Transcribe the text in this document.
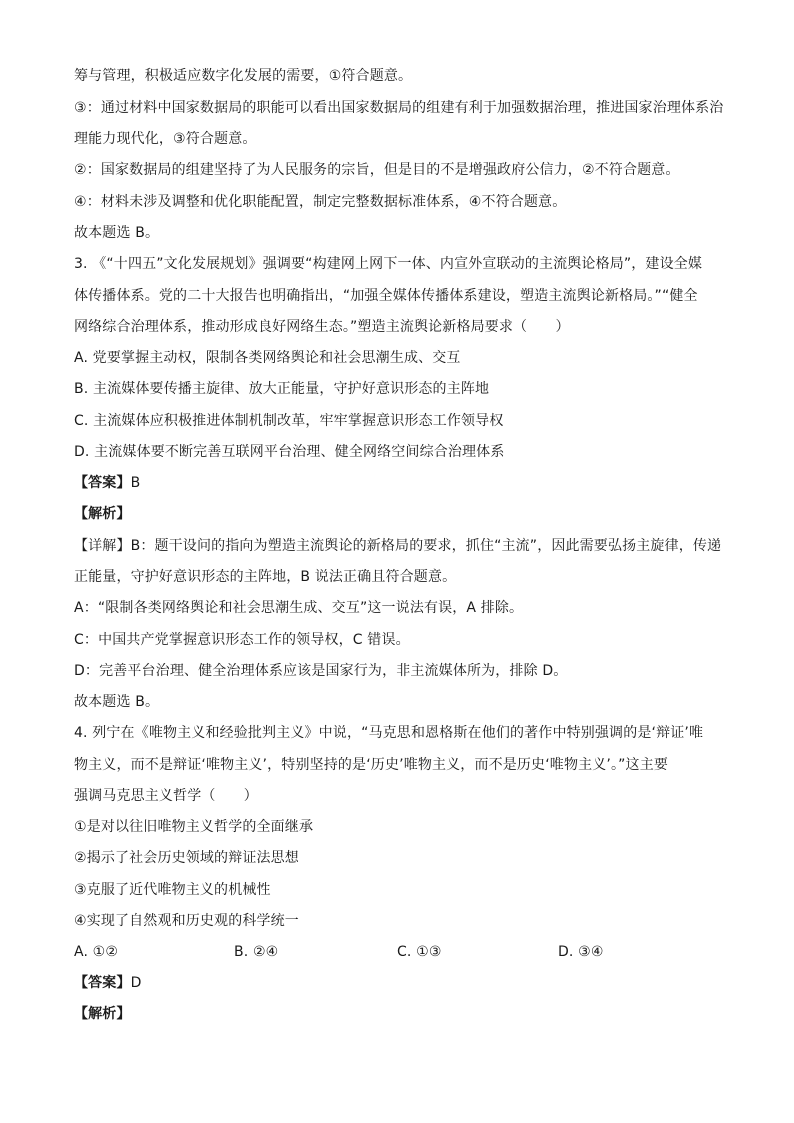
筹与管理，积极适应数字化发展的需要，①符合题意。
③：通过材料中国家数据局的职能可以看出国家数据局的组建有利于加强数据治理，推进国家治理体系治
理能力现代化，③符合题意。
②：国家数据局的组建坚持了为人民服务的宗旨，但是目的不是增强政府公信力，②不符合题意。
④：材料未涉及调整和优化职能配置，制定完整数据标准体系，④不符合题意。
故本题选 B。
3. 《“十四五”文化发展规划》强调要“构建网上网下一体、内宣外宣联动的主流舆论格局”，建设全媒
体传播体系。党的二十大报告也明确指出，“加强全媒体传播体系建设，塑造主流舆论新格局。”“健全
网络综合治理体系，推动形成良好网络生态。”塑造主流舆论新格局要求（　　）
A. 党要掌握主动权，限制各类网络舆论和社会思潮生成、交互
B. 主流媒体要传播主旋律、放大正能量，守护好意识形态的主阵地
C. 主流媒体应积极推进体制机制改革，牢牢掌握意识形态工作领导权
D. 主流媒体要不断完善互联网平台治理、健全网络空间综合治理体系
【答案】B
【解析】
【详解】B：题干设问的指向为塑造主流舆论的新格局的要求，抓住“主流”，因此需要弘扬主旋律，传递
正能量，守护好意识形态的主阵地，B 说法正确且符合题意。
A：“限制各类网络舆论和社会思潮生成、交互”这一说法有误，A 排除。
C：中国共产党掌握意识形态工作的领导权，C 错误。
D：完善平台治理、健全治理体系应该是国家行为，非主流媒体所为，排除 D。
故本题选 B。
4. 列宁在《唯物主义和经验批判主义》中说，“马克思和恩格斯在他们的著作中特别强调的是‘辩证’唯
物主义，而不是辩证‘唯物主义’，特别坚持的是‘历史’唯物主义，而不是历史‘唯物主义’。”这主要
强调马克思主义哲学（　　）
①是对以往旧唯物主义哲学的全面继承
②揭示了社会历史领域的辩证法思想
③克服了近代唯物主义的机械性
④实现了自然观和历史观的科学统一
A. ①②	B. ②④	C. ①③	D. ③④
【答案】D
【解析】
